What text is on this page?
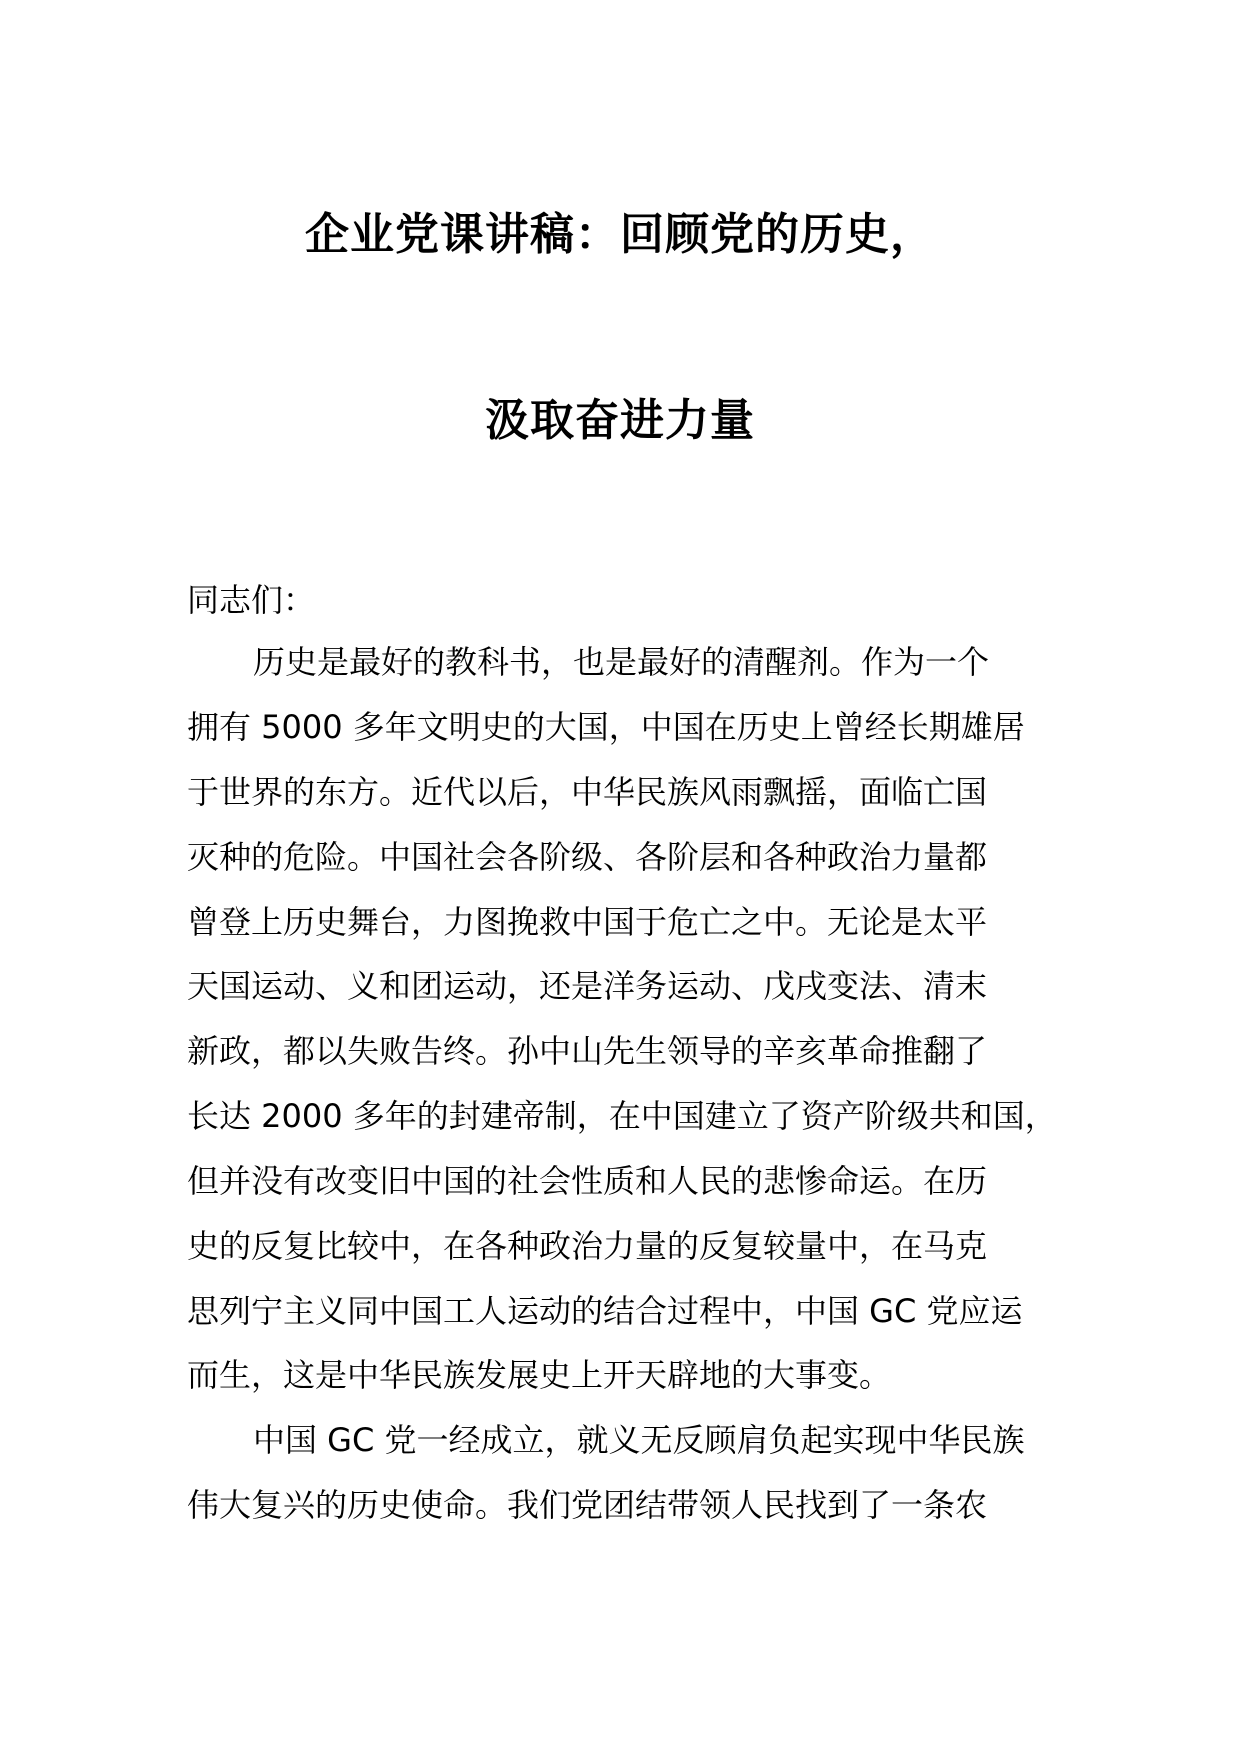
企业党课讲稿：回顾党的历史，
汲取奋进力量

同志们：

历史是最好的教科书，也是最好的清醒剂。作为一个

拥有 5000 多年文明史的大国，中国在历史上曾经长期雄居

于世界的东方。近代以后，中华民族风雨飘摇，面临亡国

灭种的危险。中国社会各阶级、各阶层和各种政治力量都

曾登上历史舞台，力图挽救中国于危亡之中。无论是太平

天国运动、义和团运动，还是洋务运动、戊戌变法、清末

新政，都以失败告终。孙中山先生领导的辛亥革命推翻了

长达 2000 多年的封建帝制，在中国建立了资产阶级共和国，

但并没有改变旧中国的社会性质和人民的悲惨命运。在历

史的反复比较中，在各种政治力量的反复较量中，在马克

思列宁主义同中国工人运动的结合过程中，中国 GC 党应运

而生，这是中华民族发展史上开天辟地的大事变。

中国 GC 党一经成立，就义无反顾肩负起实现中华民族

伟大复兴的历史使命。我们党团结带领人民找到了一条农
